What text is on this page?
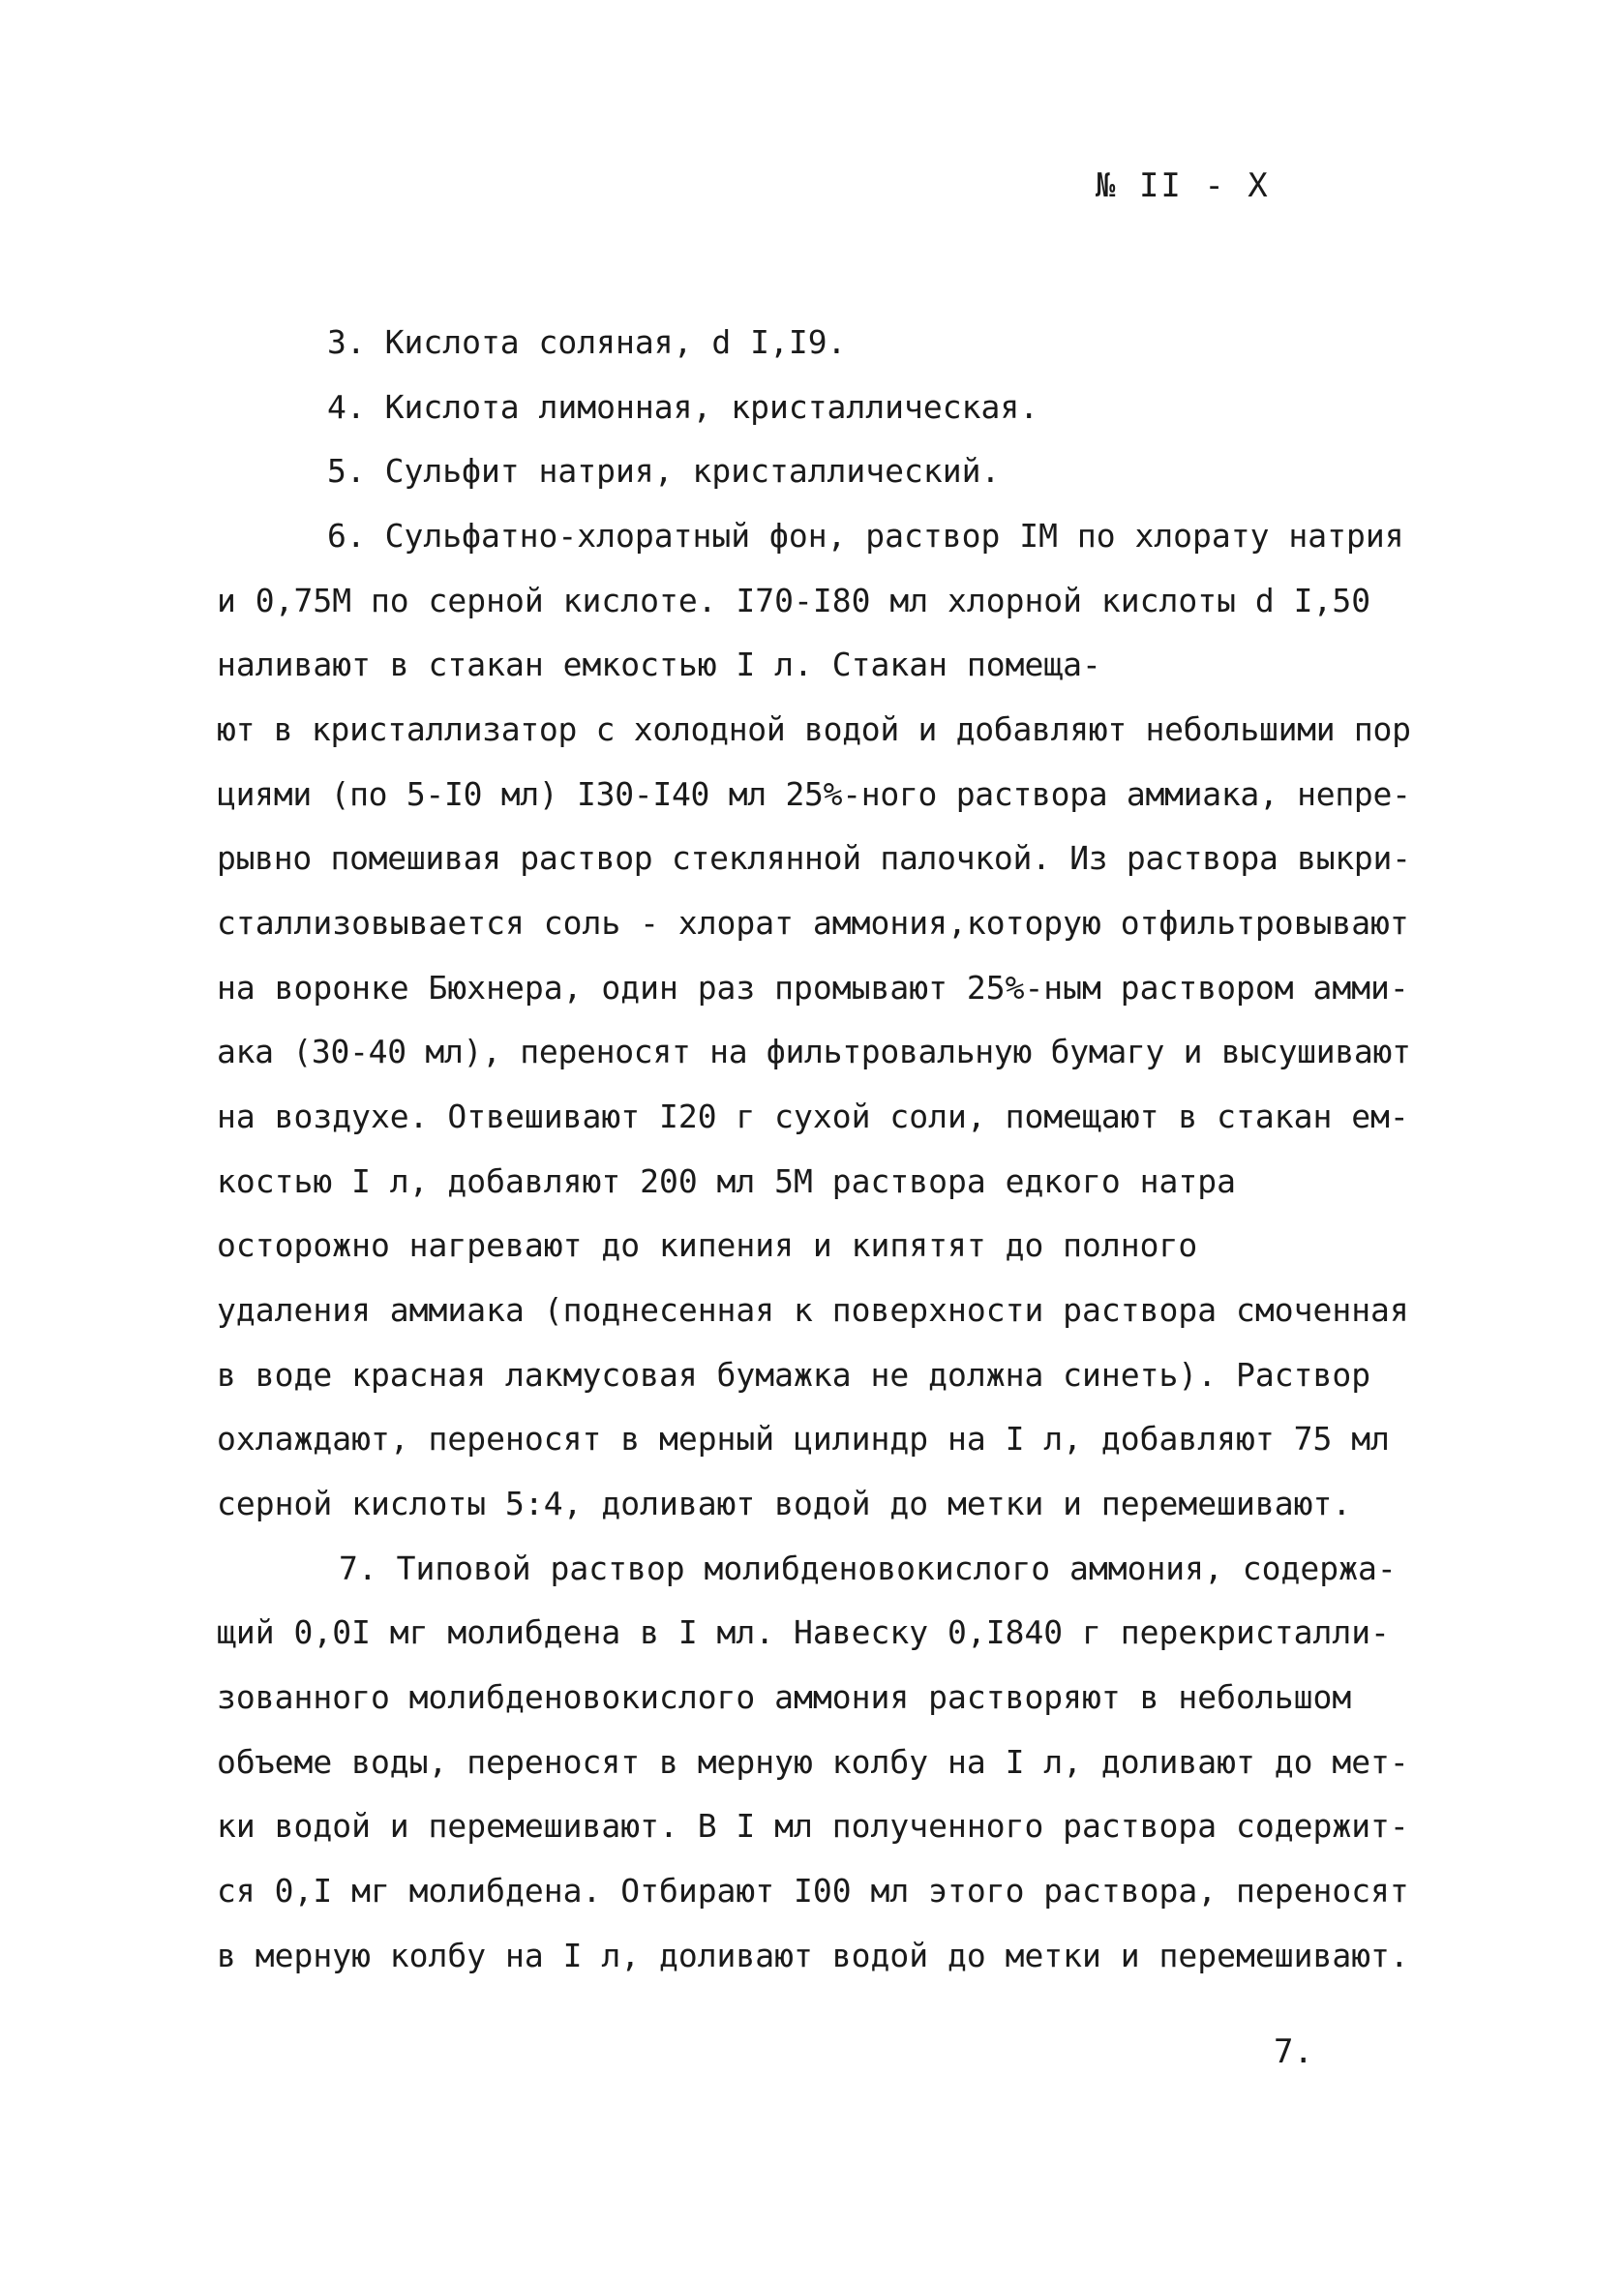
№ II - X
3. Кислота соляная, d I,I9.
4. Кислота лимонная, кристаллическая.
5. Сульфит натрия, кристаллический.
6. Сульфатно-хлоратный фон, раствор IM по хлорату натрия
и 0,75М по серной кислоте. I70-I80 мл хлорной кислоты d I,50
наливают в стакан емкостью I л. Стакан помеща-
ют в кристаллизатор с холодной водой и добавляют небольшими пор
циями (по 5-I0 мл) I30-I40 мл 25%-ного раствора аммиака, непре-
рывно помешивая раствор стеклянной палочкой. Из раствора выкри-
сталлизовывается соль - хлорат аммония,которую отфильтровывают
на воронке Бюхнера, один раз промывают 25%-ным раствором амми-
ака (30-40 мл), переносят на фильтровальную бумагу и высушивают
на воздухе. Отвешивают I20 г сухой соли, помещают в стакан ем-
костью I л, добавляют 200 мл 5М раствора едкого натра
осторожно нагревают до кипения и кипятят до полного
удаления аммиака (поднесенная к поверхности раствора смоченная
в воде красная лакмусовая бумажка не должна синеть). Раствор
охлаждают, переносят в мерный цилиндр на I л, добавляют 75 мл
серной кислоты 5:4, доливают водой до метки и перемешивают.
7. Типовой раствор молибденовокислого аммония, содержа-
щий 0,0I мг молибдена в I мл. Навеску 0,I840 г перекристалли-
зованного молибденовокислого аммония растворяют в небольшом
объеме воды, переносят в мерную колбу на I л, доливают до мет-
ки водой и перемешивают. В I мл полученного раствора содержит-
ся 0,I мг молибдена. Отбирают I00 мл этого раствора, переносят
в мерную колбу на I л, доливают водой до метки и перемешивают.
7.
